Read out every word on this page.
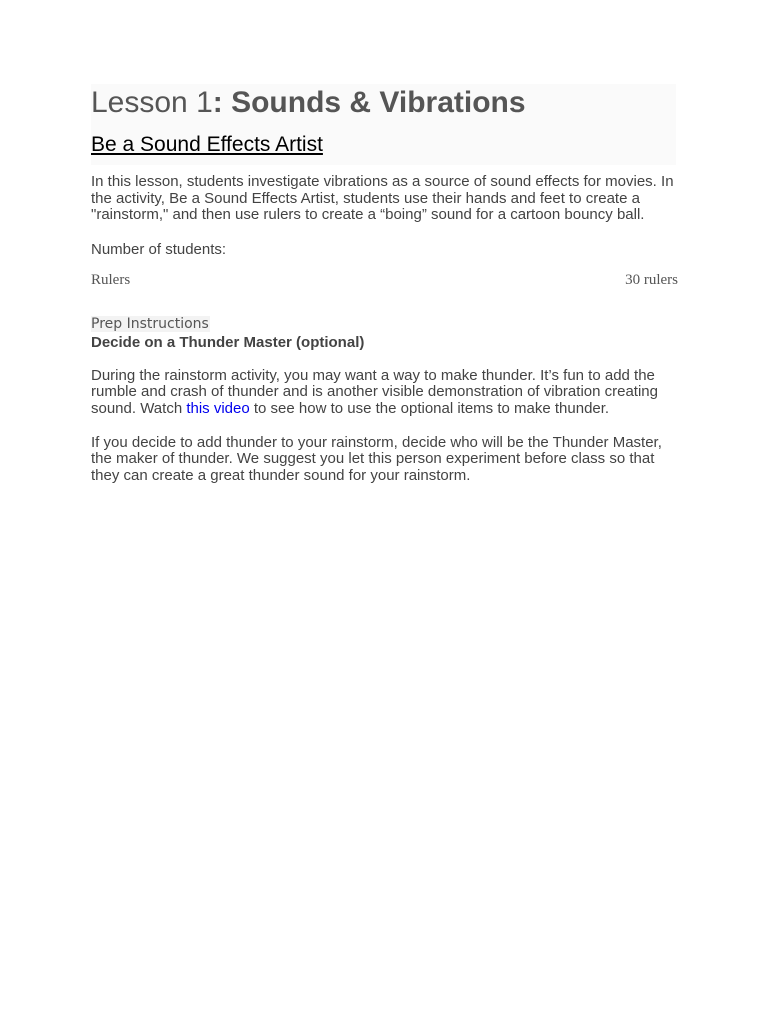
Lesson 1: Sounds & Vibrations
Be a Sound Effects Artist
In this lesson, students investigate vibrations as a source of sound effects for movies. In the activity, Be a Sound Effects Artist, students use their hands and feet to create a "rainstorm," and then use rulers to create a “boing” sound for a cartoon bouncy ball.
Number of students:
Rulers	30 rulers
Prep Instructions
Decide on a Thunder Master (optional)
During the rainstorm activity, you may want a way to make thunder. It’s fun to add the rumble and crash of thunder and is another visible demonstration of vibration creating sound. Watch this video to see how to use the optional items to make thunder.
If you decide to add thunder to your rainstorm, decide who will be the Thunder Master, the maker of thunder. We suggest you let this person experiment before class so that they can create a great thunder sound for your rainstorm.
